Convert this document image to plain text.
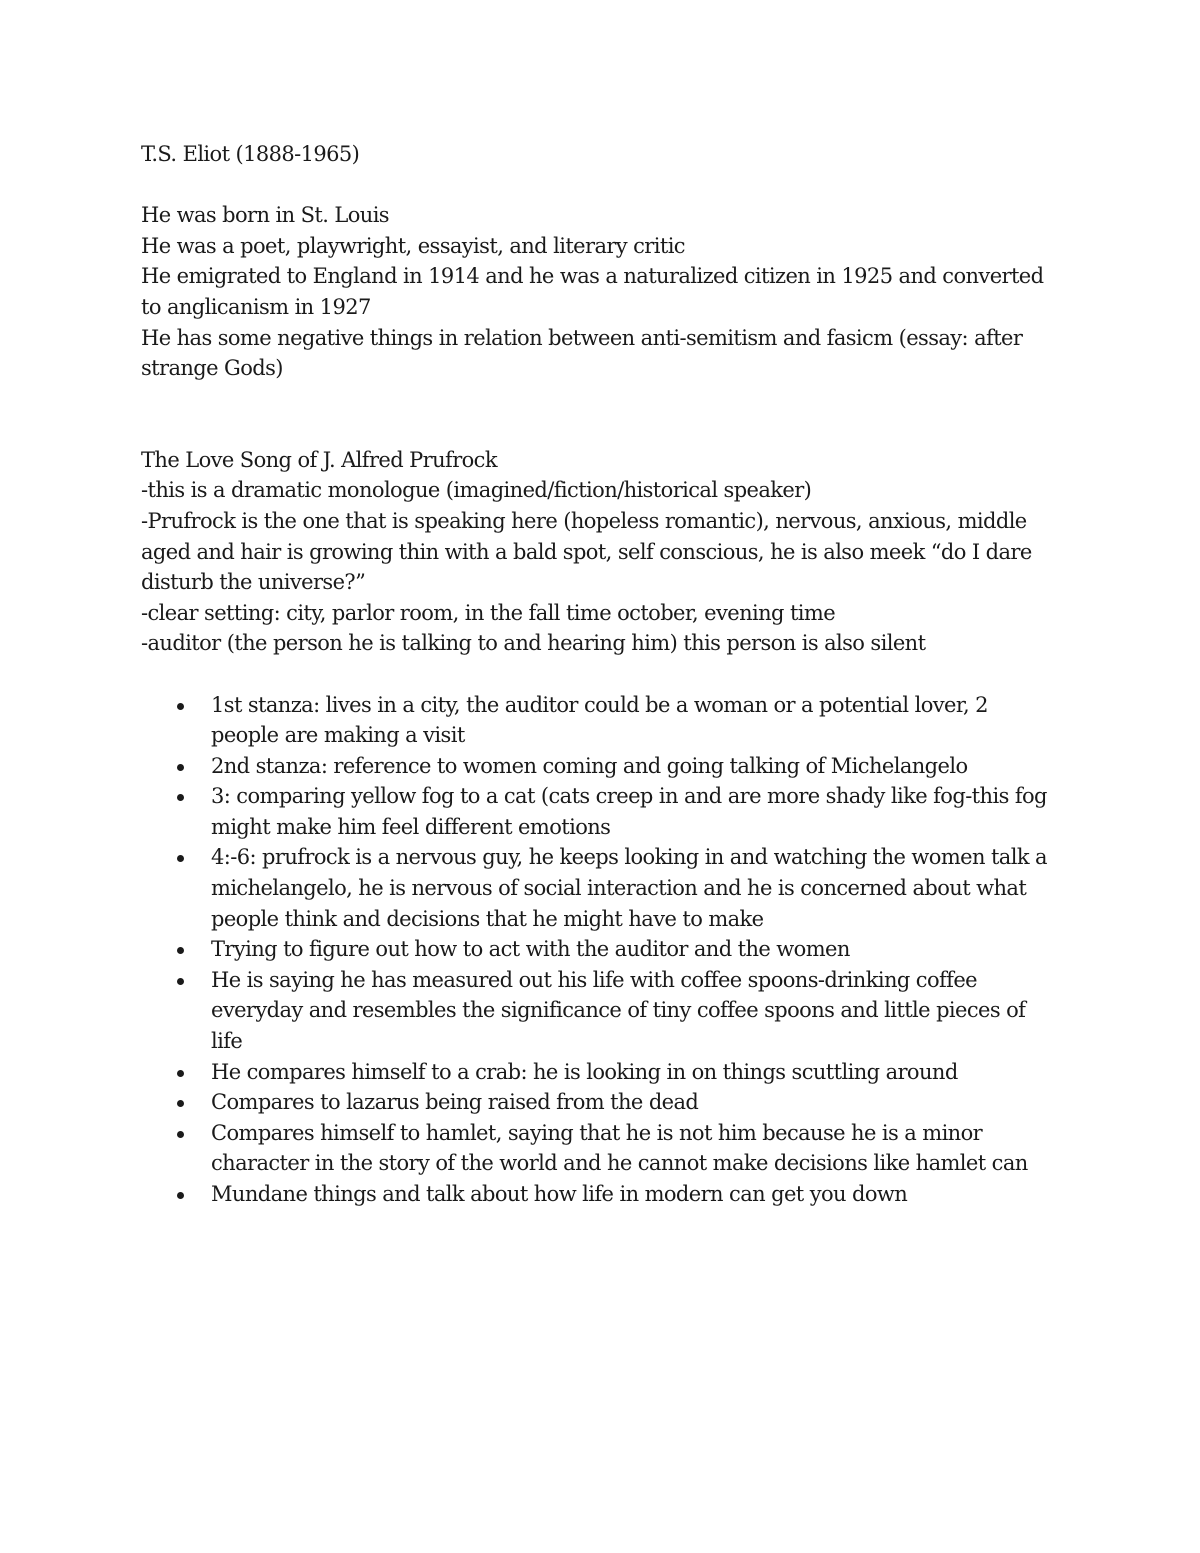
T.S. Eliot (1888-1965)

He was born in St. Louis

He was a poet, playwright, essayist, and literary critic

He emigrated to England in 1914 and he was a naturalized citizen in 1925 and converted to anglicanism in 1927

He has some negative things in relation between anti-semitism and fasicm (essay: after strange Gods)

The Love Song of J. Alfred Prufrock

-this is a dramatic monologue (imagined/fiction/historical speaker)

-Prufrock is the one that is speaking here (hopeless romantic), nervous, anxious, middle aged and hair is growing thin with a bald spot, self conscious, he is also meek “do I dare disturb the universe?”

-clear setting: city, parlor room, in the fall time october, evening time

-auditor (the person he is talking to and hearing him) this person is also silent

1st stanza: lives in a city, the auditor could be a woman or a potential lover, 2 people are making a visit
2nd stanza: reference to women coming and going talking of Michelangelo
3: comparing yellow fog to a cat (cats creep in and are more shady like fog-this fog might make him feel different emotions
4:-6: prufrock is a nervous guy, he keeps looking in and watching the women talk a michelangelo, he is nervous of social interaction and he is concerned about what people think and decisions that he might have to make
Trying to figure out how to act with the auditor and the women
He is saying he has measured out his life with coffee spoons-drinking coffee everyday and resembles the significance of tiny coffee spoons and little pieces of life
He compares himself to a crab: he is looking in on things scuttling around
Compares to lazarus being raised from the dead
Compares himself to hamlet, saying that he is not him because he is a minor character in the story of the world and he cannot make decisions like hamlet can
Mundane things and talk about how life in modern can get you down
